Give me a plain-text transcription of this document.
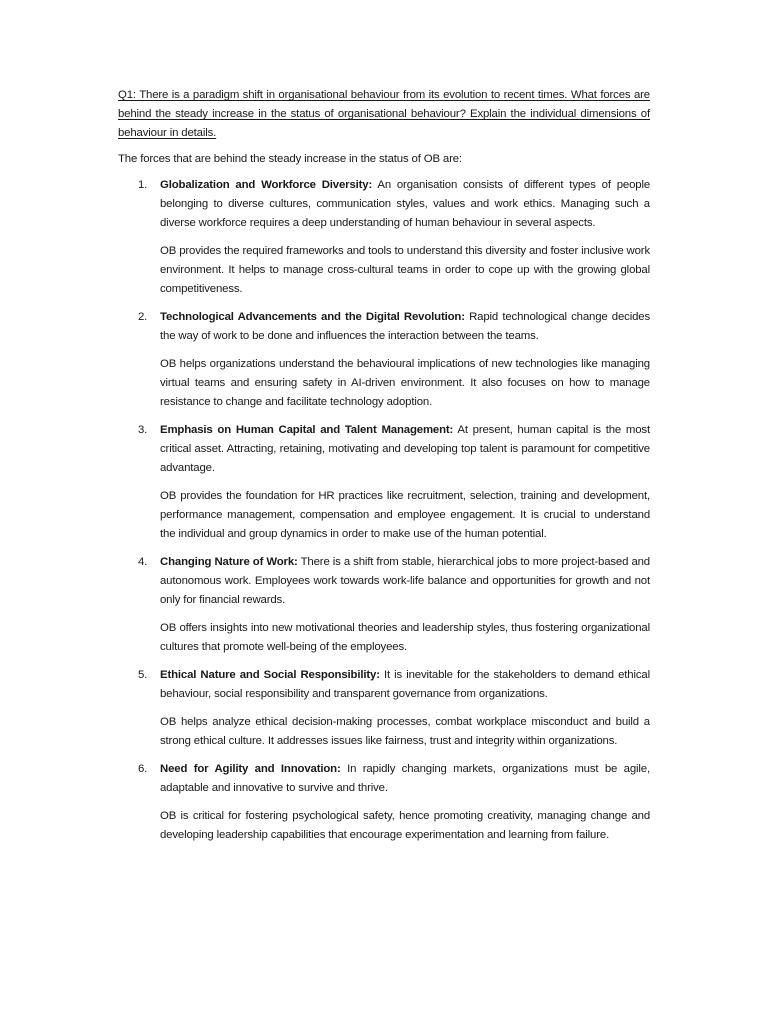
Q1: There is a paradigm shift in organisational behaviour from its evolution to recent times. What forces are behind the steady increase in the status of organisational behaviour? Explain the individual dimensions of behaviour in details.

The forces that are behind the steady increase in the status of OB are:

1. Globalization and Workforce Diversity: An organisation consists of different types of people belonging to diverse cultures, communication styles, values and work ethics. Managing such a diverse workforce requires a deep understanding of human behaviour in several aspects.

OB provides the required frameworks and tools to understand this diversity and foster inclusive work environment. It helps to manage cross-cultural teams in order to cope up with the growing global competitiveness.

2. Technological Advancements and the Digital Revolution: Rapid technological change decides the way of work to be done and influences the interaction between the teams.

OB helps organizations understand the behavioural implications of new technologies like managing virtual teams and ensuring safety in AI-driven environment. It also focuses on how to manage resistance to change and facilitate technology adoption.

3. Emphasis on Human Capital and Talent Management: At present, human capital is the most critical asset. Attracting, retaining, motivating and developing top talent is paramount for competitive advantage.

OB provides the foundation for HR practices like recruitment, selection, training and development, performance management, compensation and employee engagement. It is crucial to understand the individual and group dynamics in order to make use of the human potential.

4. Changing Nature of Work: There is a shift from stable, hierarchical jobs to more project-based and autonomous work. Employees work towards work-life balance and opportunities for growth and not only for financial rewards.

OB offers insights into new motivational theories and leadership styles, thus fostering organizational cultures that promote well-being of the employees.

5. Ethical Nature and Social Responsibility: It is inevitable for the stakeholders to demand ethical behaviour, social responsibility and transparent governance from organizations.

OB helps analyze ethical decision-making processes, combat workplace misconduct and build a strong ethical culture. It addresses issues like fairness, trust and integrity within organizations.

6. Need for Agility and Innovation: In rapidly changing markets, organizations must be agile, adaptable and innovative to survive and thrive.

OB is critical for fostering psychological safety, hence promoting creativity, managing change and developing leadership capabilities that encourage experimentation and learning from failure.
